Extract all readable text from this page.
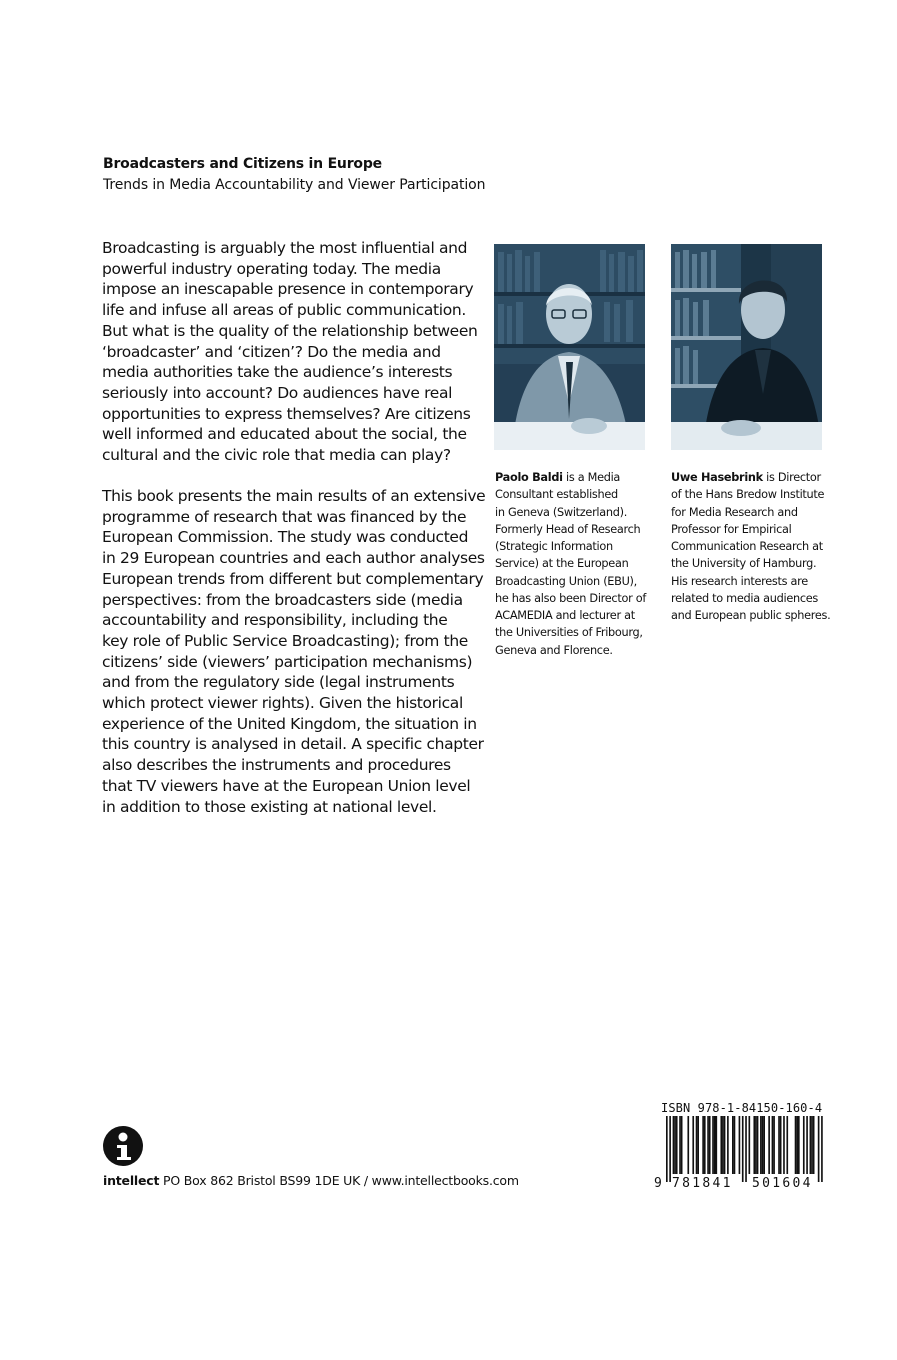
Broadcasters and Citizens in Europe
Trends in Media Accountability and Viewer Participation
Broadcasting is arguably the most influential and
powerful industry operating today. The media
impose an inescapable presence in contemporary
life and infuse all areas of public communication.
But what is the quality of the relationship between
‘broadcaster’ and ‘citizen’? Do the media and
media authorities take the audience’s interests
seriously into account? Do audiences have real
opportunities to express themselves? Are citizens
well informed and educated about the social, the
cultural and the civic role that media can play?
This book presents the main results of an extensive
programme of research that was financed by the
European Commission. The study was conducted
in 29 European countries and each author analyses
European trends from different but complementary
perspectives: from the broadcasters side (media
accountability and responsibility, including the
key role of Public Service Broadcasting); from the
citizens’ side (viewers’ participation mechanisms)
and from the regulatory side (legal instruments
which protect viewer rights). Given the historical
experience of the United Kingdom, the situation in
this country is analysed in detail. A specific chapter
also describes the instruments and procedures
that TV viewers have at the European Union level
in addition to those existing at national level.
Paolo Baldi is a Media
Consultant established
in Geneva (Switzerland).
Formerly Head of Research
(Strategic Information
Service) at the European
Broadcasting Union (EBU),
he has also been Director of
ACAMEDIA and lecturer at
the Universities of Fribourg,
Geneva and Florence.
Uwe Hasebrink is Director
of the Hans Bredow Institute
for Media Research and
Professor for Empirical
Communication Research at
the University of Hamburg.
His research interests are
related to media audiences
and European public spheres.
intellect PO Box 862 Bristol BS99 1DE UK / www.intellectbooks.com
ISBN 978-1-84150-160-4
9 781841 501604
